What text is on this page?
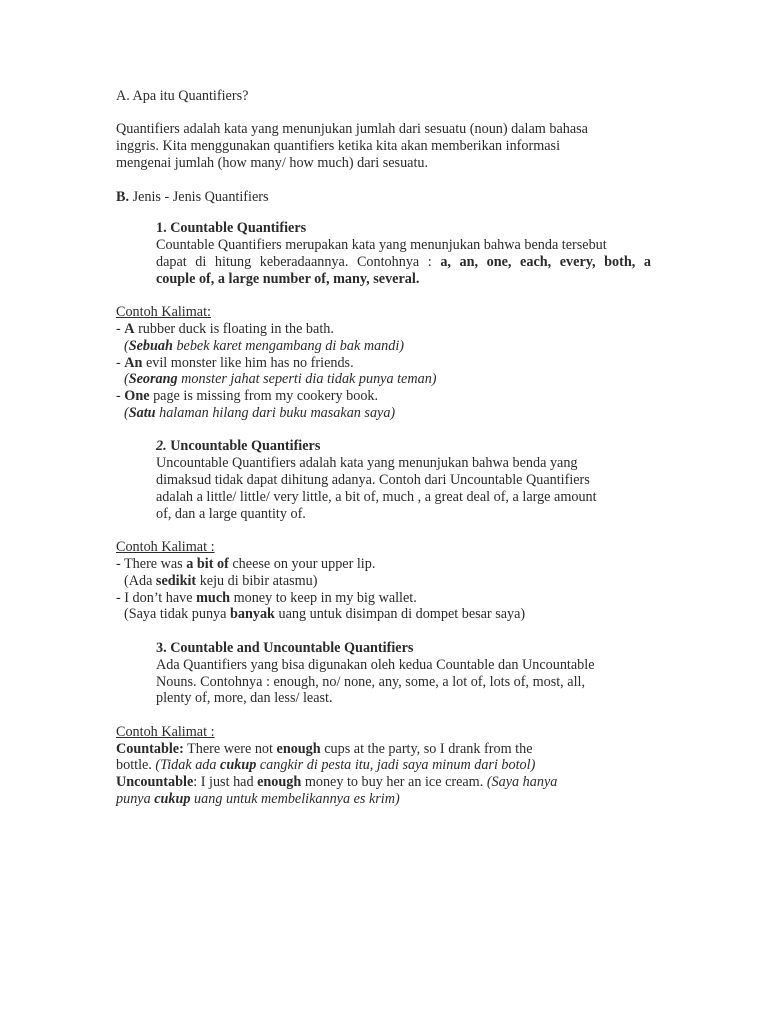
A. Apa itu Quantifiers?
Quantifiers adalah kata yang menunjukan jumlah dari sesuatu (noun) dalam bahasa
inggris. Kita menggunakan quantifiers ketika kita akan memberikan informasi
mengenai jumlah (how many/ how much) dari sesuatu.
B. Jenis - Jenis Quantifiers
1. Countable Quantifiers
Countable Quantifiers merupakan kata yang menunjukan bahwa benda tersebut
dapat di hitung keberadaannya. Contohnya : a, an, one, each, every, both, a
couple of, a large number of, many, several.
Contoh Kalimat:
- A rubber duck is floating in the bath.
(Sebuah bebek karet mengambang di bak mandi)
- An evil monster like him has no friends.
(Seorang monster jahat seperti dia tidak punya teman)
- One page is missing from my cookery book.
(Satu halaman hilang dari buku masakan saya)
2. Uncountable Quantifiers
Uncountable Quantifiers adalah kata yang menunjukan bahwa benda yang
dimaksud tidak dapat dihitung adanya. Contoh dari Uncountable Quantifiers
adalah a little/ little/ very little, a bit of, much , a great deal of, a large amount
of, dan a large quantity of.
Contoh Kalimat :
- There was a bit of cheese on your upper lip.
(Ada sedikit keju di bibir atasmu)
- I don’t have much money to keep in my big wallet.
(Saya tidak punya banyak uang untuk disimpan di dompet besar saya)
3. Countable and Uncountable Quantifiers
Ada Quantifiers yang bisa digunakan oleh kedua Countable dan Uncountable
Nouns. Contohnya : enough, no/ none, any, some, a lot of, lots of, most, all,
plenty of, more, dan less/ least.
Contoh Kalimat :
Countable: There were not enough cups at the party, so I drank from the
bottle. (Tidak ada cukup cangkir di pesta itu, jadi saya minum dari botol)
Uncountable: I just had enough money to buy her an ice cream. (Saya hanya
punya cukup uang untuk membelikannya es krim)
